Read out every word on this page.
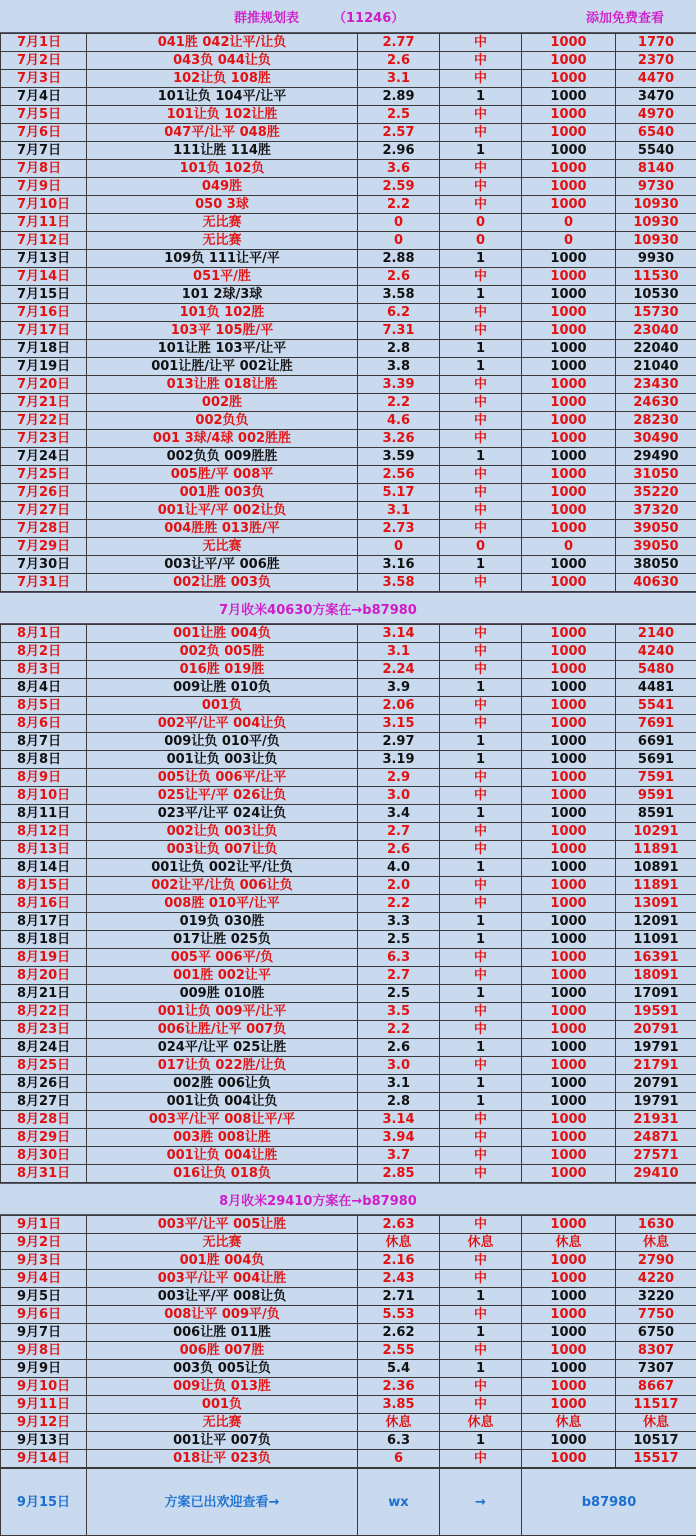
群推规划表	（11246）	添加免费查看
7月1日	041胜 042让平/让负	2.77	中	1000	1770
7月2日	043负 044让负	2.6	中	1000	2370
7月3日	102让负 108胜	3.1	中	1000	4470
7月4日	101让负 104平/让平	2.89	1	1000	3470
7月5日	101让负 102让胜	2.5	中	1000	4970
7月6日	047平/让平 048胜	2.57	中	1000	6540
7月7日	111让胜 114胜	2.96	1	1000	5540
7月8日	101负 102负	3.6	中	1000	8140
7月9日	049胜	2.59	中	1000	9730
7月10日	050 3球	2.2	中	1000	10930
7月11日	无比赛	0	0	0	10930
7月12日	无比赛	0	0	0	10930
7月13日	109负 111让平/平	2.88	1	1000	9930
7月14日	051平/胜	2.6	中	1000	11530
7月15日	101 2球/3球	3.58	1	1000	10530
7月16日	101负 102胜	6.2	中	1000	15730
7月17日	103平 105胜/平	7.31	中	1000	23040
7月18日	101让胜 103平/让平	2.8	1	1000	22040
7月19日	001让胜/让平 002让胜	3.8	1	1000	21040
7月20日	013让胜 018让胜	3.39	中	1000	23430
7月21日	002胜	2.2	中	1000	24630
7月22日	002负负	4.6	中	1000	28230
7月23日	001 3球/4球 002胜胜	3.26	中	1000	30490
7月24日	002负负 009胜胜	3.59	1	1000	29490
7月25日	005胜/平 008平	2.56	中	1000	31050
7月26日	001胜 003负	5.17	中	1000	35220
7月27日	001让平/平 002让负	3.1	中	1000	37320
7月28日	004胜胜 013胜/平	2.73	中	1000	39050
7月29日	无比赛	0	0	0	39050
7月30日	003让平/平 006胜	3.16	1	1000	38050
7月31日	002让胜 003负	3.58	中	1000	40630
7月收米40630方案在→b87980
8月1日	001让胜 004负	3.14	中	1000	2140
8月2日	002负 005胜	3.1	中	1000	4240
8月3日	016胜 019胜	2.24	中	1000	5480
8月4日	009让胜 010负	3.9	1	1000	4481
8月5日	001负	2.06	中	1000	5541
8月6日	002平/让平 004让负	3.15	中	1000	7691
8月7日	009让负 010平/负	2.97	1	1000	6691
8月8日	001让负 003让负	3.19	1	1000	5691
8月9日	005让负 006平/让平	2.9	中	1000	7591
8月10日	025让平/平 026让负	3.0	中	1000	9591
8月11日	023平/让平 024让负	3.4	1	1000	8591
8月12日	002让负 003让负	2.7	中	1000	10291
8月13日	003让负 007让负	2.6	中	1000	11891
8月14日	001让负 002让平/让负	4.0	1	1000	10891
8月15日	002让平/让负 006让负	2.0	中	1000	11891
8月16日	008胜 010平/让平	2.2	中	1000	13091
8月17日	019负 030胜	3.3	1	1000	12091
8月18日	017让胜 025负	2.5	1	1000	11091
8月19日	005平 006平/负	6.3	中	1000	16391
8月20日	001胜 002让平	2.7	中	1000	18091
8月21日	009胜 010胜	2.5	1	1000	17091
8月22日	001让负 009平/让平	3.5	中	1000	19591
8月23日	006让胜/让平 007负	2.2	中	1000	20791
8月24日	024平/让平 025让胜	2.6	1	1000	19791
8月25日	017让负 022胜/让负	3.0	中	1000	21791
8月26日	002胜 006让负	3.1	1	1000	20791
8月27日	001让负 004让负	2.8	1	1000	19791
8月28日	003平/让平 008让平/平	3.14	中	1000	21931
8月29日	003胜 008让胜	3.94	中	1000	24871
8月30日	001让负 004让胜	3.7	中	1000	27571
8月31日	016让负 018负	2.85	中	1000	29410
8月收米29410方案在→b87980
9月1日	003平/让平 005让胜	2.63	中	1000	1630
9月2日	无比赛	休息	休息	休息	休息
9月3日	001胜 004负	2.16	中	1000	2790
9月4日	003平/让平 004让胜	2.43	中	1000	4220
9月5日	003让平/平 008让负	2.71	1	1000	3220
9月6日	008让平 009平/负	5.53	中	1000	7750
9月7日	006让胜 011胜	2.62	1	1000	6750
9月8日	006胜 007胜	2.55	中	1000	8307
9月9日	003负 005让负	5.4	1	1000	7307
9月10日	009让负 013胜	2.36	中	1000	8667
9月11日	001负	3.85	中	1000	11517
9月12日	无比赛	休息	休息	休息	休息
9月13日	001让平 007负	6.3	1	1000	10517
9月14日	018让平 023负	6	中	1000	15517
9月15日	方案已出欢迎查看→	wx	→	b87980
